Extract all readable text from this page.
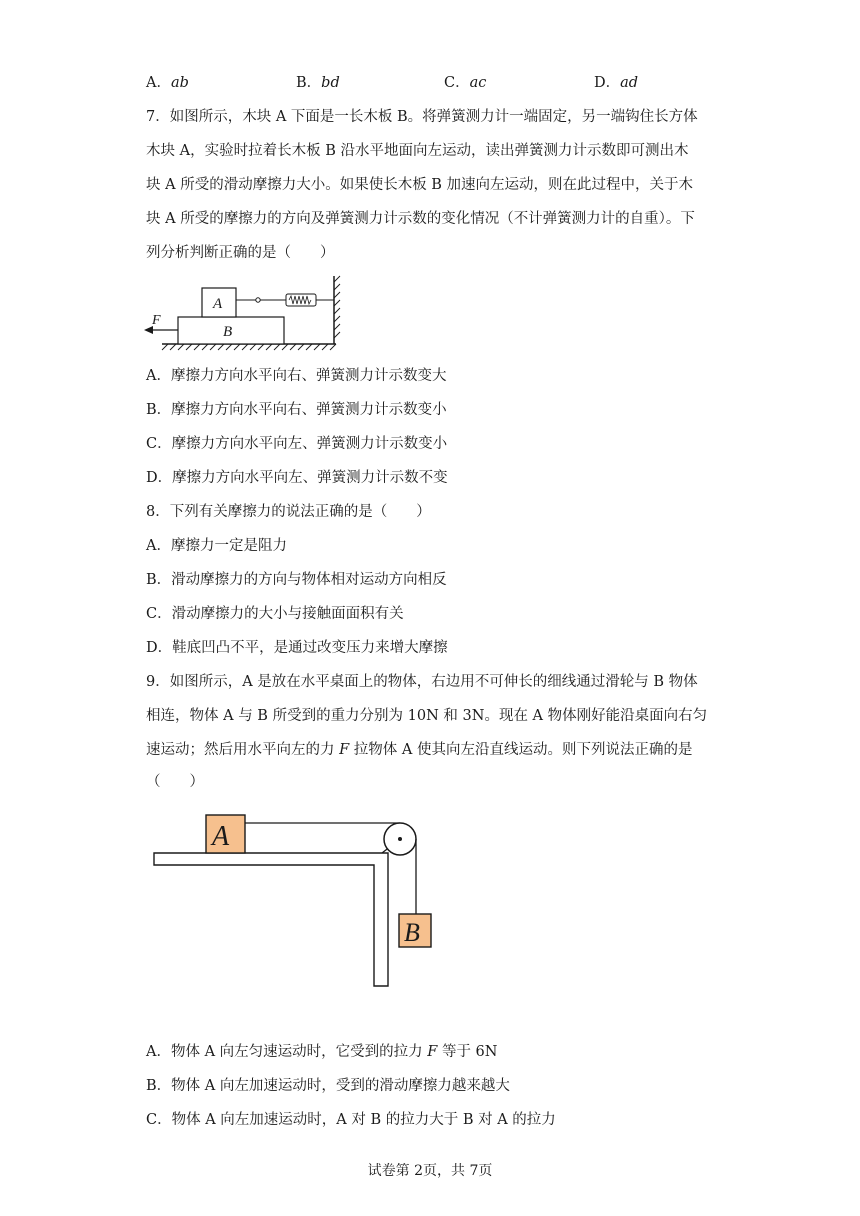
A．ab	B．bd	C．ac	D．ad
7．如图所示，木块 A 下面是一长木板 B。将弹簧测力计一端固定，另一端钩住长方体
木块 A，实验时拉着长木板 B 沿水平地面向左运动，读出弹簧测力计示数即可测出木
块 A 所受的滑动摩擦力大小。如果使长木板 B 加速向左运动，则在此过程中，关于木
块 A 所受的摩擦力的方向及弹簧测力计示数的变化情况（不计弹簧测力计的自重）。下
列分析判断正确的是（　　）
F
A
B
A．摩擦力方向水平向右、弹簧测力计示数变大
B．摩擦力方向水平向右、弹簧测力计示数变小
C．摩擦力方向水平向左、弹簧测力计示数变小
D．摩擦力方向水平向左、弹簧测力计示数不变
8．下列有关摩擦力的说法正确的是（　　）
A．摩擦力一定是阻力
B．滑动摩擦力的方向与物体相对运动方向相反
C．滑动摩擦力的大小与接触面面积有关
D．鞋底凹凸不平，是通过改变压力来增大摩擦
9．如图所示，A 是放在水平桌面上的物体，右边用不可伸长的细线通过滑轮与 B 物体
相连，物体 A 与 B 所受到的重力分别为 10N 和 3N。现在 A 物体刚好能沿桌面向右匀
速运动；然后用水平向左的力 F 拉物体 A 使其向左沿直线运动。则下列说法正确的是
（　　）
A
B
A．物体 A 向左匀速运动时，它受到的拉力 F 等于 6N
B．物体 A 向左加速运动时，受到的滑动摩擦力越来越大
C．物体 A 向左加速运动时，A 对 B 的拉力大于 B 对 A 的拉力
试卷第 2页，共 7页
